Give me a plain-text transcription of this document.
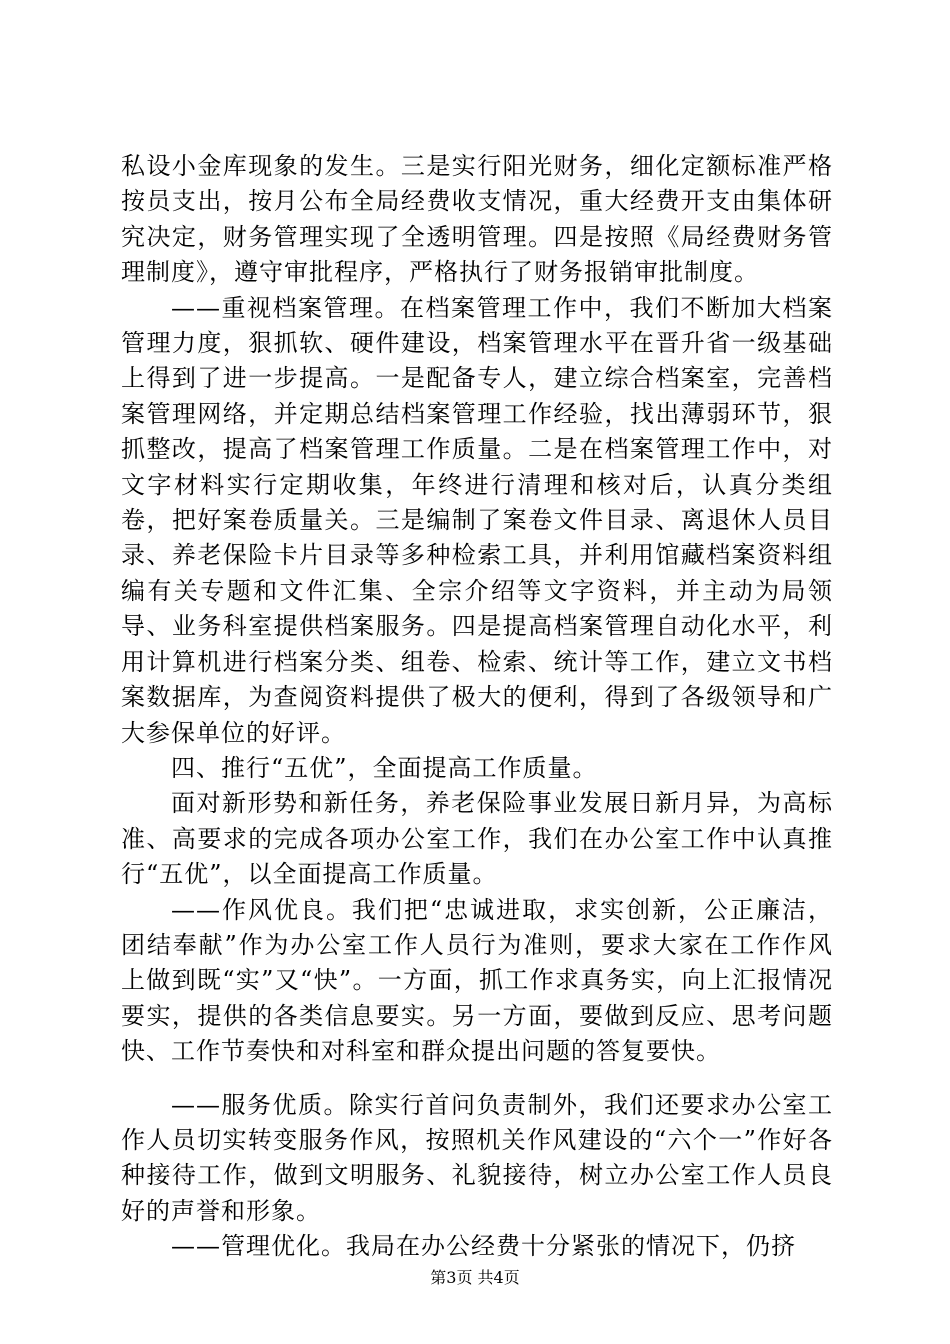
私设小金库现象的发生。三是实行阳光财务，细化定额标准严格按员支出，按月公布全局经费收支情况，重大经费开支由集体研究决定，财务管理实现了全透明管理。四是按照《局经费财务管理制度》，遵守审批程序，严格执行了财务报销审批制度。

——重视档案管理。在档案管理工作中，我们不断加大档案管理力度，狠抓软、硬件建设，档案管理水平在晋升省一级基础上得到了进一步提高。一是配备专人，建立综合档案室，完善档案管理网络，并定期总结档案管理工作经验，找出薄弱环节，狠抓整改，提高了档案管理工作质量。二是在档案管理工作中，对文字材料实行定期收集，年终进行清理和核对后，认真分类组卷，把好案卷质量关。三是编制了案卷文件目录、离退休人员目录、养老保险卡片目录等多种检索工具，并利用馆藏档案资料组编有关专题和文件汇集、全宗介绍等文字资料，并主动为局领导、业务科室提供档案服务。四是提高档案管理自动化水平，利用计算机进行档案分类、组卷、检索、统计等工作，建立文书档案数据库，为查阅资料提供了极大的便利，得到了各级领导和广大参保单位的好评。

四、推行“五优”，全面提高工作质量。

面对新形势和新任务，养老保险事业发展日新月异，为高标准、高要求的完成各项办公室工作，我们在办公室工作中认真推行“五优”，以全面提高工作质量。

——作风优良。我们把“忠诚进取，求实创新，公正廉洁，团结奉献”作为办公室工作人员行为准则，要求大家在工作作风上做到既“实”又“快”。一方面，抓工作求真务实，向上汇报情况要实，提供的各类信息要实。另一方面，要做到反应、思考问题快、工作节奏快和对科室和群众提出问题的答复要快。

——服务优质。除实行首问负责制外，我们还要求办公室工作人员切实转变服务作风，按照机关作风建设的“六个一”作好各种接待工作，做到文明服务、礼貌接待，树立办公室工作人员良好的声誉和形象。

——管理优化。我局在办公经费十分紧张的情况下，仍挤

第3页 共4页
